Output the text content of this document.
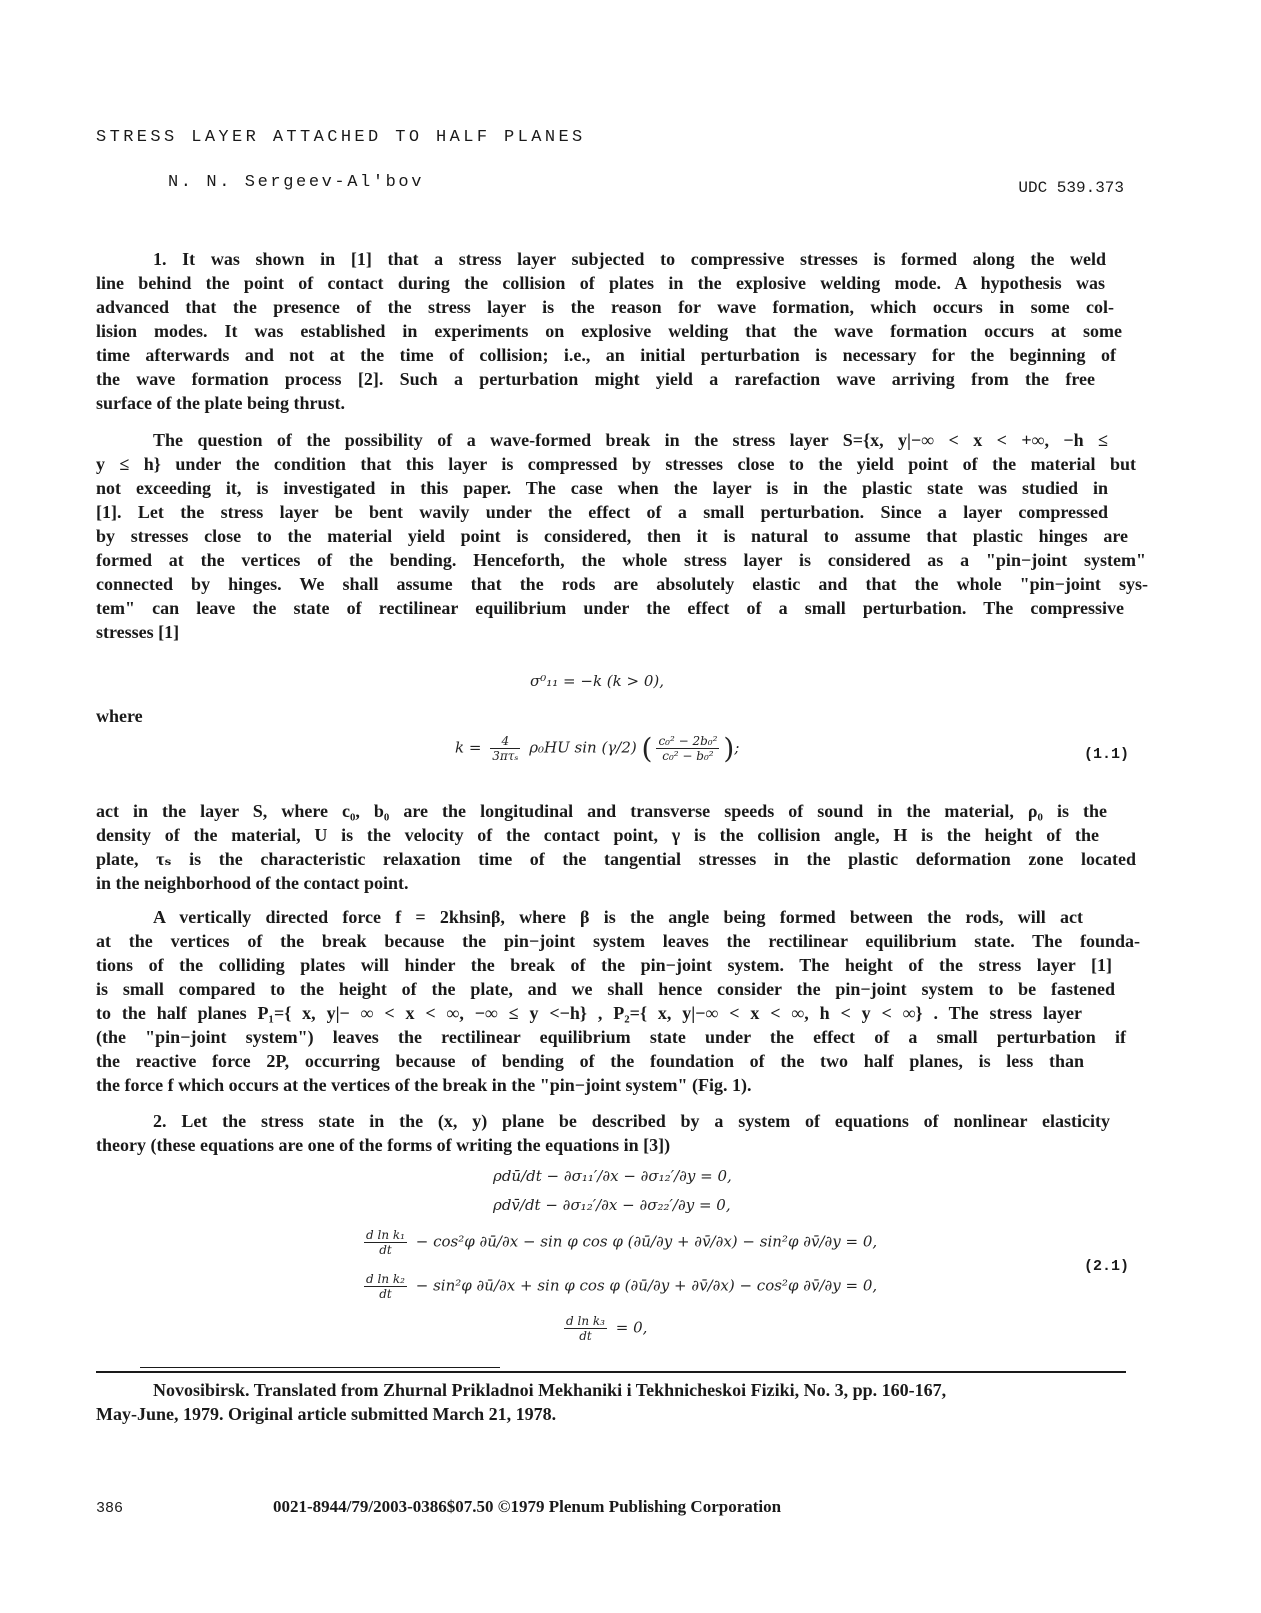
STRESS LAYER ATTACHED TO HALF PLANES
N. N. Sergeev-Al'bov	UDC 539.373
1. It was shown in [1] that a stress layer subjected to compressive stresses is formed along the weld
line behind the point of contact during the collision of plates in the explosive welding mode. A hypothesis was
advanced that the presence of the stress layer is the reason for wave formation, which occurs in some col-
lision modes. It was established in experiments on explosive welding that the wave formation occurs at some
time afterwards and not at the time of collision; i.e., an initial perturbation is necessary for the beginning of
the wave formation process [2]. Such a perturbation might yield a rarefaction wave arriving from the free
surface of the plate being thrust.
The question of the possibility of a wave-formed break in the stress layer S={x, y|−∞ < x < +∞, −h ≤
y ≤ h} under the condition that this layer is compressed by stresses close to the yield point of the material but
not exceeding it, is investigated in this paper. The case when the layer is in the plastic state was studied in
[1]. Let the stress layer be bent wavily under the effect of a small perturbation. Since a layer compressed
by stresses close to the material yield point is considered, then it is natural to assume that plastic hinges are
formed at the vertices of the bending. Henceforth, the whole stress layer is considered as a "pin−joint system"
connected by hinges. We shall assume that the rods are absolutely elastic and that the whole "pin−joint sys-
tem" can leave the state of rectilinear equilibrium under the effect of a small perturbation. The compressive
stresses [1]
σ⁰₁₁ = −k (k > 0),
where
$k = \frac{4}{\text{3πτₛ}} \rho_0HU$ sin (γ/2) ( $\frac{\text{c₀² − 2b₀²}}{\text{c₀² − b₀²}}$ );	(1.1)
act in the layer S, where c₀, b₀ are the longitudinal and transverse speeds of sound in the material, ρ₀ is the
density of the material, U is the velocity of the contact point, γ is the collision angle, H is the height of the
plate, τₛ is the characteristic relaxation time of the tangential stresses in the plastic deformation zone located
in the neighborhood of the contact point.
A vertically directed force f = 2khsinβ, where β is the angle being formed between the rods, will act
at the vertices of the break because the pin−joint system leaves the rectilinear equilibrium state. The founda-
tions of the colliding plates will hinder the break of the pin−joint system. The height of the stress layer [1]
is small compared to the height of the plate, and we shall hence consider the pin−joint system to be fastened
to the half planes P₁={ x, y|− ∞ < x < ∞, −∞ ≤ y <−h} , P₂={ x, y|−∞ < x < ∞, h < y < ∞} . The stress layer
(the "pin−joint system") leaves the rectilinear equilibrium state under the effect of a small perturbation if
the reactive force 2P, occurring because of bending of the foundation of the two half planes, is less than
the force f which occurs at the vertices of the break in the "pin−joint system" (Fig. 1).
2. Let the stress state in the (x, y) plane be described by a system of equations of nonlinear elasticity
theory (these equations are one of the forms of writing the equations in [3])
ρdū/dt − ∂σ₁₁′/∂x − ∂σ₁₂′/∂y = 0,
ρdv̄/dt − ∂σ₁₂′/∂x − ∂σ₂₂′/∂y = 0,
$\frac{\text{d ln k₁}}{dt} - \cos^2\varphi$ ∂ū/∂x − sin φ cos φ (∂ū/∂y + ∂v̄/∂x) − sin²φ ∂v̄/∂y = 0,
$\frac{\text{d ln k₂}}{dt} - \sin^2\varphi$ ∂ū/∂x + sin φ cos φ (∂ū/∂y + ∂v̄/∂x) − cos²φ ∂v̄/∂y = 0,
$\frac{\text{d ln k₃}}{dt} = 0$,
(2.1)
Novosibirsk. Translated from Zhurnal Prikladnoi Mekhaniki i Tekhnicheskoi Fiziki, No. 3, pp. 160-167,
May-June, 1979. Original article submitted March 21, 1978.
386	0021-8944/79/2003-0386$07.50 ©1979 Plenum Publishing Corporation
